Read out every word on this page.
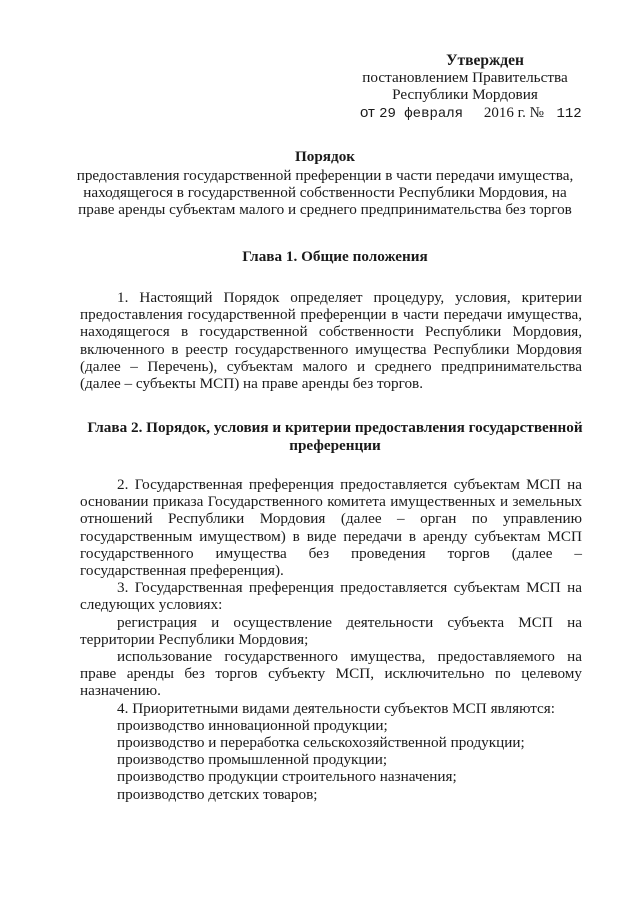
Утвержден
постановлением Правительства
Республики Мордовия
от 29 февраля 2016 г. № 112
Порядок
предоставления государственной преференции в части передачи имущества,
находящегося в государственной собственности Республики Мордовия, на
праве аренды субъектам малого и среднего предпринимательства без торгов
Глава 1. Общие положения
1. Настоящий Порядок определяет процедуру, условия, критерии предоставления государственной преференции в части передачи имущества, находящегося в государственной собственности Республики Мордовия, включенного в реестр государственного имущества Республики Мордовия (далее – Перечень), субъектам малого и среднего предпринимательства (далее – субъекты МСП) на праве аренды без торгов.
Глава 2. Порядок, условия и критерии предоставления государственной
преференции
2. Государственная преференция предоставляется субъектам МСП на основании приказа Государственного комитета имущественных и земельных отношений Республики Мордовия (далее – орган по управлению государственным имуществом) в виде передачи в аренду субъектам МСП государственного имущества без проведения торгов (далее – государственная преференция).
3. Государственная преференция предоставляется субъектам МСП на следующих условиях:
регистрация и осуществление деятельности субъекта МСП на территории Республики Мордовия;
использование государственного имущества, предоставляемого на праве аренды без торгов субъекту МСП, исключительно по целевому назначению.
4. Приоритетными видами деятельности субъектов МСП являются:
производство инновационной продукции;
производство и переработка сельскохозяйственной продукции;
производство промышленной продукции;
производство продукции строительного назначения;
производство детских товаров;
